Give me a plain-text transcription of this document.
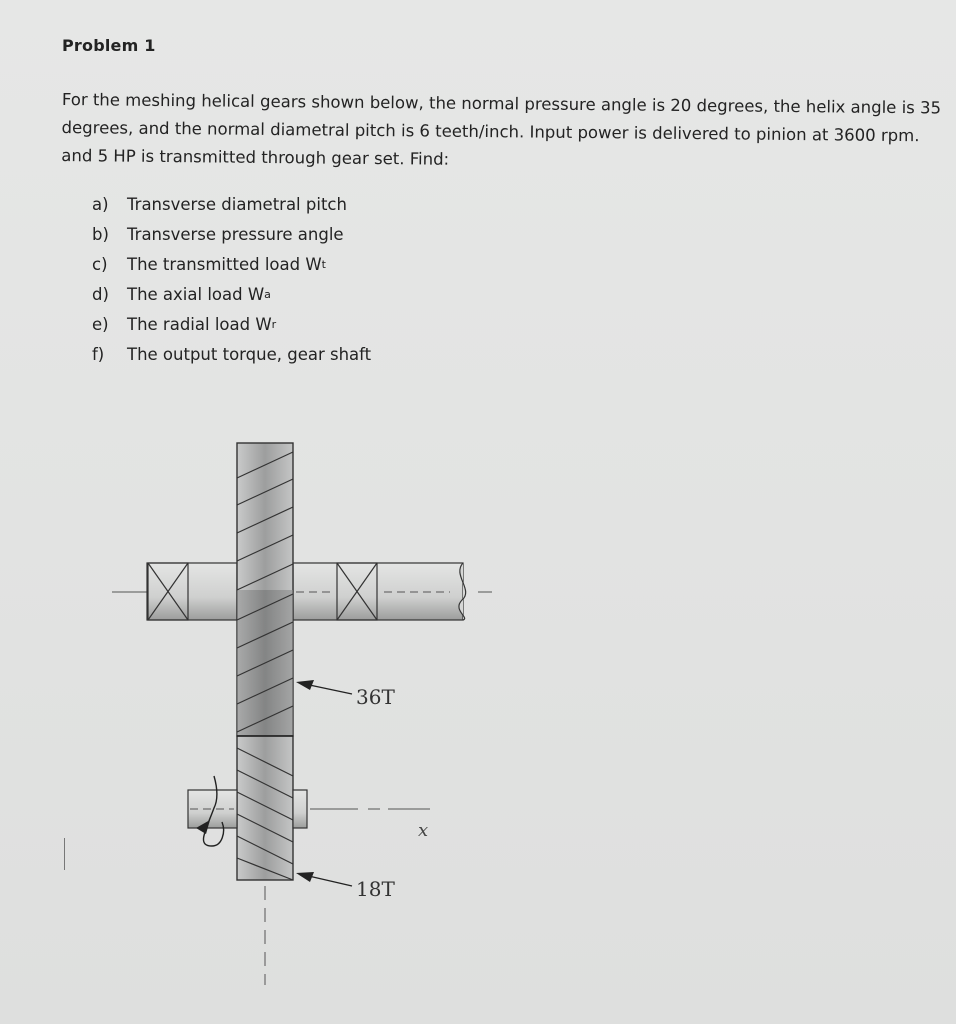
Problem 1
For the meshing helical gears shown below, the normal pressure angle is 20 degrees, the helix angle is 35 degrees, and the normal diametral pitch is 6 teeth/inch. Input power is delivered to pinion at 3600 rpm. and 5 HP is transmitted through gear set. Find:
a)	Transverse diametral pitch
b)	Transverse pressure angle
c)	The transmitted load W t
d)	The axial load W a
e)	The radial load W r
f)	The output torque, gear shaft
36T
18T
x
